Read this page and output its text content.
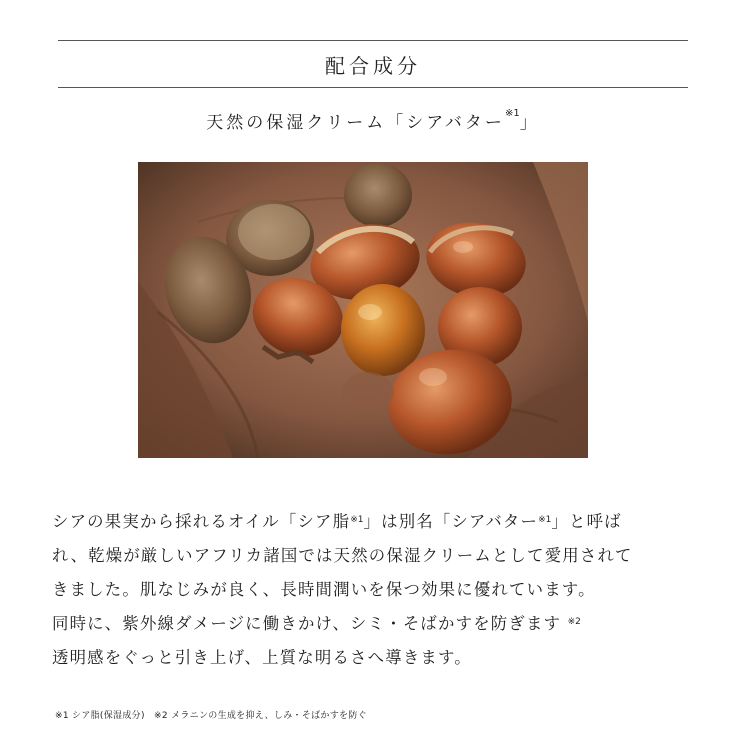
配合成分
天然の保湿クリーム「シアバター$^{※1}$」
シアの果実から採れるオイル「シア脂$^{※1}$」は別名「シアバター$^{※1}$」と呼ば
れ、乾燥が厳しいアフリカ諸国では天然の保湿クリームとして愛用されて
きました。肌なじみが良く、長時間潤いを保つ効果に優れています。
同時に、紫外線ダメージに働きかけ、シミ・そばかすを防ぎます $^{※2}$
透明感をぐっと引き上げ、上質な明るさへ導きます。
※1 シア脂(保湿成分)　※2 メラニンの生成を抑え、しみ・そばかすを防ぐ
